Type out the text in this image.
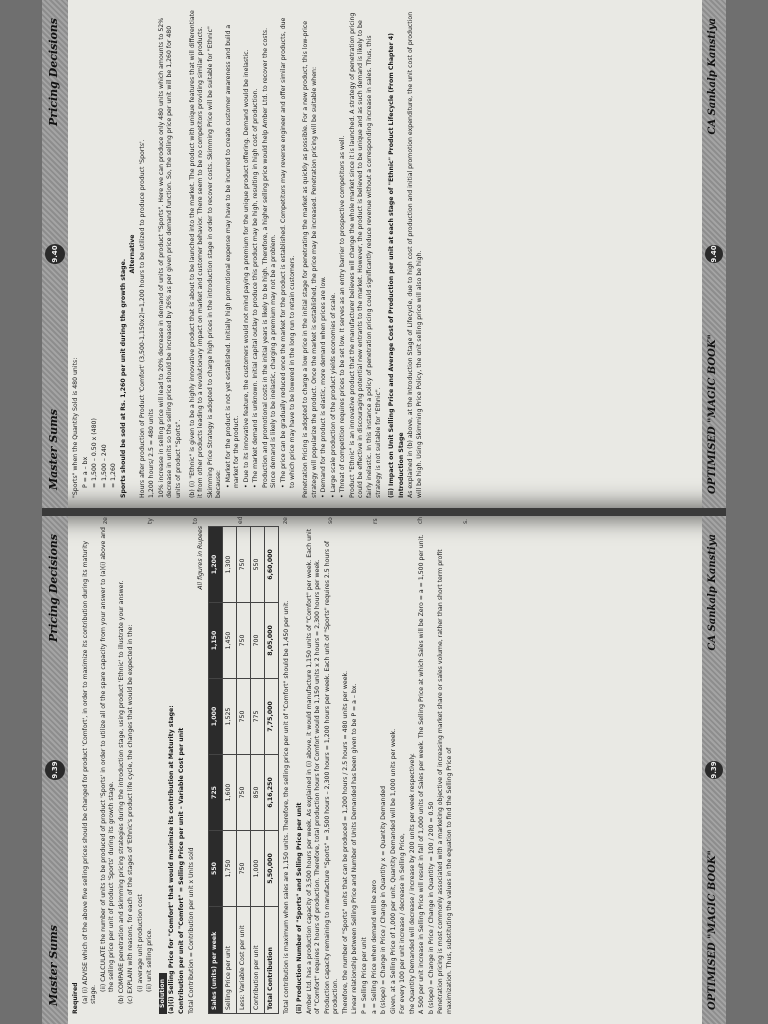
Master Sums
9.39
Pricing Decisions

Required (a) (i) ADVISE which of the above five selling prices should be changed for product 'Comfort', in order to maximize its contribution during its maturity stage.

(ii) CALCULATE the number of units to be produced of product 'Sports' in order to utilize all of the spare capacity from your answer to (a)(i) above and the selling price per unit of product 'Sports' during its growth stage. (b) COMPARE penetration and skimming pricing strategies during the introduction stage, using product 'Ethnic' to illustrate your answer. (c) EXPLAIN with reasons, for each of the stages of 'Ethnic's product life cycle, the changes that would be expected in the: (i) average unit production cost (ii) unit selling price.

Solution (a)(i) Selling Price for "Comfort" that would maximize its contribution at Maturity stage: Contribution per unit of "Comfort" = Selling Price per unit – Variable Cost per unit Total Contribution = Contribution per unit x Units sold

All figures in Rupees

Sales (units) per week	550	725	1,000	1,150	1,200
Selling Price per unit	1,750	1,600	1,525	1,450	1,300
Less: Variable Cost per unit	750	750	750	750	750
Contribution per unit	1,000	850	775	700	550
Total Contribution	5,50,000	6,16,250	7,75,000	8,05,000	6,60,000

Total contribution is maximum when sales are 1,150 units. Therefore, the selling price per unit of "Comfort" should be 1,450 per unit. (ii) Production Number of "Sports" and Selling Price per unit Amber Ltd. has a production capacity of 3,500 hours per week. As explained in (i) above, it would manufacture 1,150 units of "Comfort" per week. Each unit of "Comfort" requires 2 hours of production. Therefore, total production hours for Comfort would be 1,150 units x 2 hours = 2,300 hours per week. Production capacity remaining to manufacture "Sports" = 3,500 hours – 2,300 hours = 1,200 hours per week. Each unit of "Sports" requires 2.5 hours of production. Therefore, the number of "Sports" units that can be produced = 1,200 hours / 2.5 hours = 480 units per week. Linear relationship between Selling Price and Number of Units Demanded has been given to be P = a – bx. P = Selling Price per unit a = Selling Price when demand will be zero b (slope) = Change in Price / Change in Quantity x = Quantity Demanded Given, at a Selling Price of 1,000 per unit, Quantity Demanded will be 1,000 units per week. For every 100 per unit increase / decrease in Selling Price, the Quantity Demanded will decrease / increase by 200 units per week respectively. A 500 per unit increase in Selling Price will result in fall of 1,000 units of Sales per week. The Selling Price at which Sales will be Zero = a = 1,500 per unit. b (slope) = Change in Price / Change in Quantity = 100 / 200 = 0.50 Penetration pricing is most commonly associated with a marketing objective of increasing market share or sales volume, rather than short term profit maximization. Thus, substituting the values in the equation to find the Selling Price of

ze	ty	to	ed	ze	so	rs	ch	s.
OPTIMISED "MAGIC BOOK"
9.39
CA Sankalp Kanstiya
Master Sums
9.40
Pricing Decisions

"Sports" when the Quantity Sold is 480 units: P = a – bx = 1,500 – 0.50 x (480) = 1,500 – 240 = 1,260 Sports should be sold at Rs. 1,260 per unit during the growth stage.

Alternative Hours after production of Product 'Comfort' (3,500-1,150x2)=1,200 hours to be utilized to produce product 'Sports'. 1,200 hours/ 2.5 = 480 units 10% increase in selling price will lead to 20% decrease in demand of units of product "Sports". Here we can produce only 480 units which amounts to 52% decrease in units so the selling price should be increased by 26% as per given price demand function. So, the selling price per unit will be 1,260 for 480 units of product "Sports". (b) (i) "Ethnic" is given to be a highly innovative product that is about to be launched into the market. The product with unique features that will differentiate it from other products leading to a revolutionary impact on market and customer behavior. There seem to be no competitors providing similar products. Skimming Price Strategy is adopted to charge high prices in the introduction stage in order to recover costs. Skimming Price will be suitable for "Ethnic" because:

• Market for the product is not yet established. Initially high promotional expense may have to be incurred to create customer awareness and build a market for the product. • Due to its innovative feature, the customers would not mind paying a premium for the unique product offering. Demand would be inelastic. • The market demand is unknown. Initial capital outlay to produce this product may be high, resulting in high cost of production. Production and promotional costs in the initial years is likely to be high. Therefore, a higher selling price would help Amber Ltd. to recover the costs. Since demand is likely to be inelastic, charging a premium may not be a problem. • The price can be gradually reduced once the market for the product is established. Competitors may reverse engineer and offer similar products, due to which price may have to be lowered in the long run to retain customers. Penetration Pricing is adopted to charge a low price in the initial stage for penetrating the market as quickly as possible. For a new product, this low-price strategy will popularize the product. Once the market is established, the price may be increased. Penetration pricing will be suitable when: • Demand for the product is elastic, more demand when prices are low. • Large scale production of the product yields economies of scale. • Threat of competition requires prices to be set low. It serves as an entry barrier to prospective competitors as well. Product "Ethnic" is an innovative product that the manufacturer believes will change the whole market since it is launched. A strategy of penetration pricing could be effective in discouraging potential new entrants to the market. However, the product is believed to be unique and as such demand is likely to be fairly inelastic. In this instance a policy of penetration pricing could significantly reduce revenue without a corresponding increase in sales. Thus, this strategy is not suitable for "Ethnic". (ii) Impact on Unit Selling Price and Average Cost of Production per unit at each stage of "Ethnic" Product Lifecycle (From Chapter 4) Introduction Stage As explained in (b) above, at the Introduction Stage of Lifecycle, due to high cost of production and initial promotion expenditure, the unit cost of production will be high. Using Skimming Price Policy, the unit selling price will also be high.	OPTIMISED "MAGIC BOOK"
9.40
CA Sankalp Kanstiya
